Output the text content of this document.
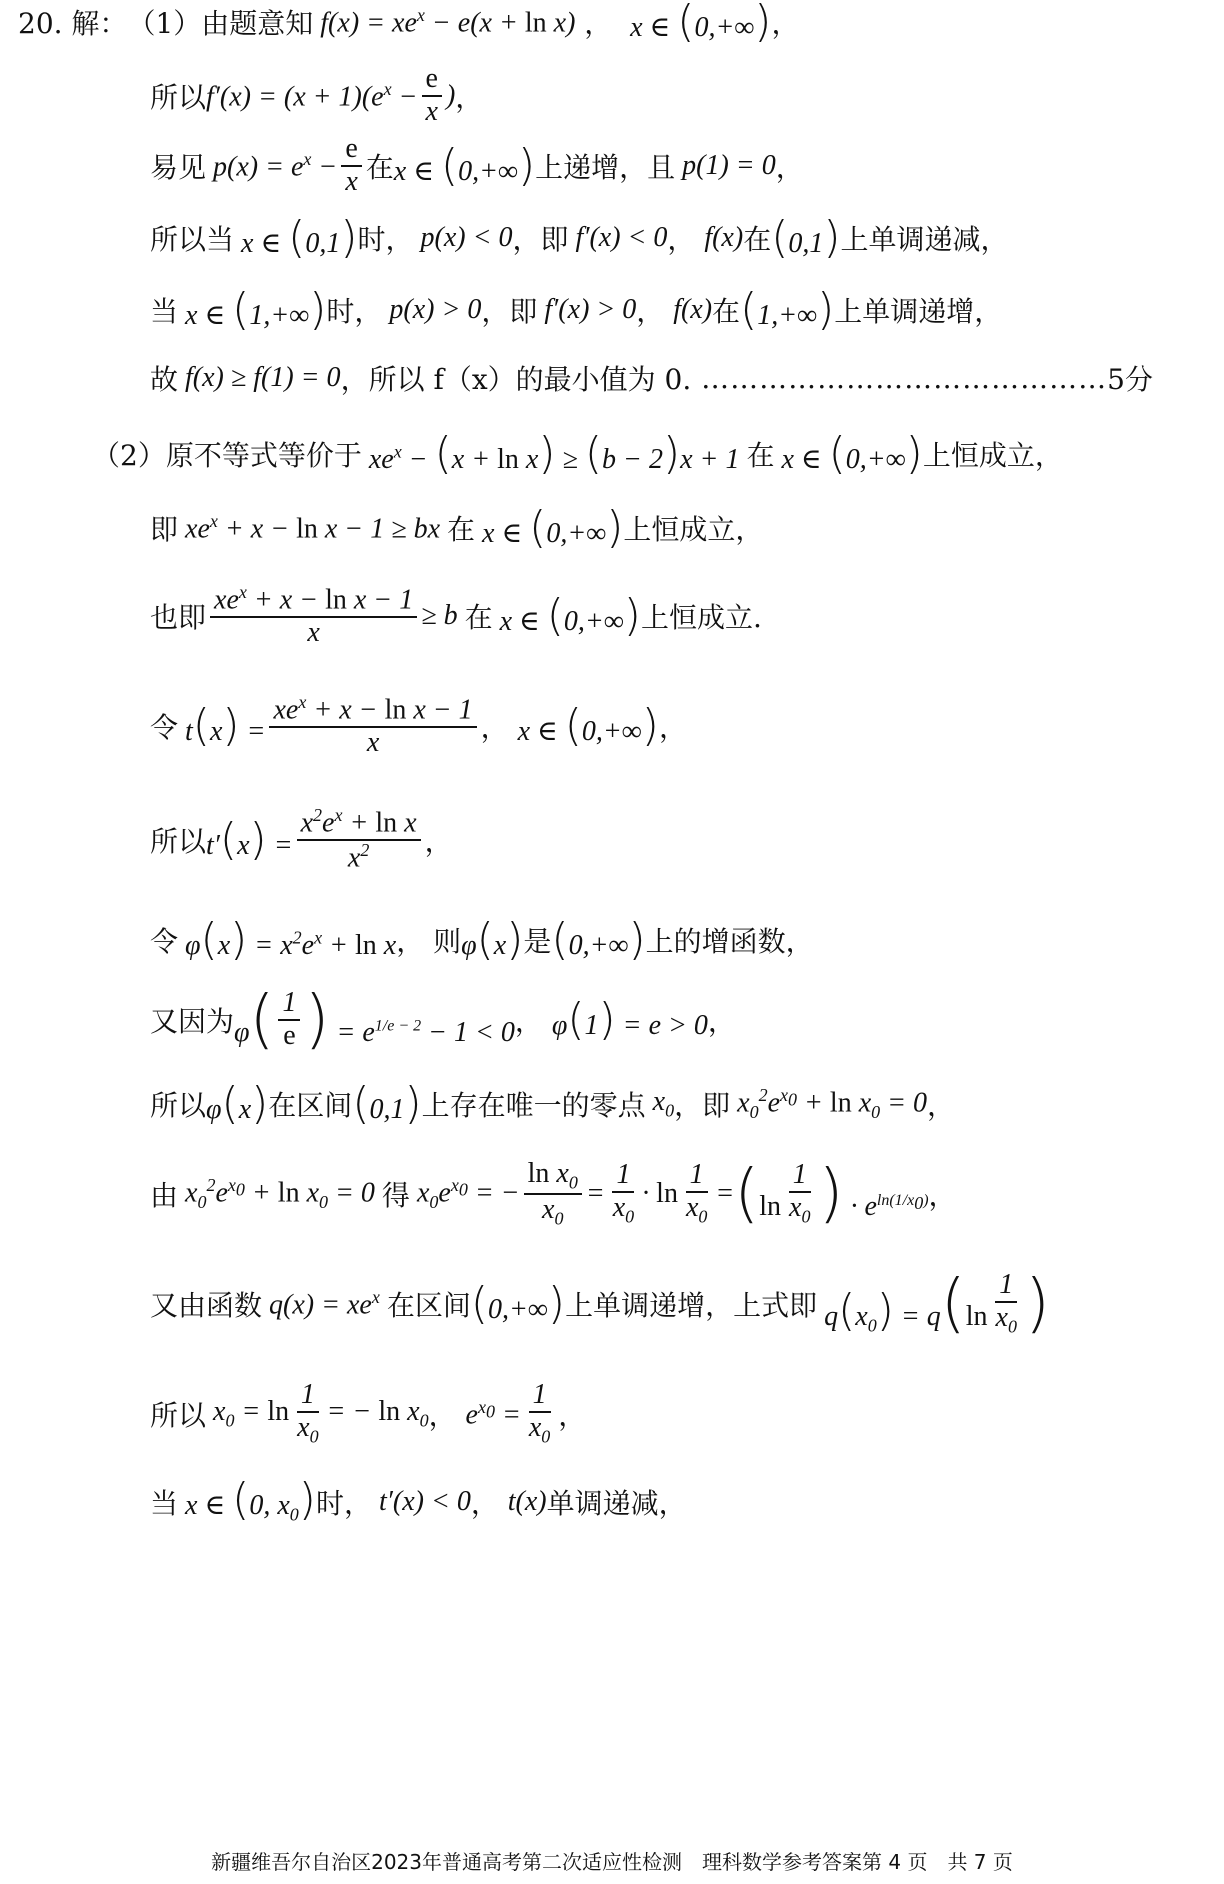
20. 解： （1） 由题意知 $f(x) = xe^x - e(x + \ln x)$ ， x ∈ (0,+∞) ，
所以 $f'(x) = (x + 1)(e^x - \frac{e}{x}$ ) ，
易见 $p(x) = e^x - \frac{e}{x}$ 在 x ∈ (0,+∞) 上递增，且 p(1) = 0 ，
所以当 x ∈ (0,1) 时， p(x) < 0 ， 即 f′(x) < 0 ， f(x) 在 (0,1) 上单调递减，
当 x ∈ (1,+∞) 时， p(x) > 0 ， 即 f′(x) > 0 ， f(x) 在 (1,+∞) 上单调递增，
故 f(x) ≥ f(1) = 0 ， 所以 f（x）的最小值为 0. …………………………………… 5分
（2） 原不等式等价于 $xe^x - (x + \ln x) \ge (b - 2)x + 1$ 在 x ∈ (0,+∞) 上恒成立，
即 $xe^x + x - \ln x - 1$ ≥ bx 在 x ∈ (0,+∞) 上恒成立，
也即 $\frac{xe^x + x - \ln x - 1}{x} \ge b$ 在 x ∈ (0,+∞) 上恒成立.
令 $t(x) = \frac{xe^x + x - \ln x - 1}{x}$ ， x ∈ (0,+∞) ，
所以 $t'(x) = \frac{x^2e^x + \ln x}{x^2}$ ，
令 $\varphi(x) = x^2e^x + \ln x$ ， 则 φ(x) 是 (0,+∞) 上的增函数，
又因为 $\varphi( \frac{1}{e}$ ) = $e^{1/e - 2} - 1 < 0$ ， φ(1) = e > 0 ，
所以 φ(x) 在区间 (0,1) 上存在唯一的零点 $x_0$ ， 即 $x_0^2e^{x_0} + \ln x_0 = 0$ ，
由 $x_0^2e^{x_0} + \ln x_0 = 0$ 得 $x_0e^{x_0}$ = − $\frac{\ln x_0}{x_0} = \frac{1}{x_0} \cdot \ln \frac{1}{x_0} = (\ln \frac{1}{x_0}$ ) · $e^{ln(1/x_0)}$ ，
又由函数 $q(x) = xe^x$ 在区间 (0,+∞) 上单调递增，上式即 $q(x_0) = q(\ln \frac{1}{x_0}$ )
所以 $x_0 = \ln \frac{1}{x_0}$ = − $\ln x_0$ ， $e^{x_0} = \frac{1}{x_0}$ ，
当 x ∈ (0, $x_0$) 时， t′(x) < 0 ， t(x) 单调递减，
新疆维吾尔自治区2023年普通高考第二次适应性检测　理科数学参考答案第 4 页　共 7 页
